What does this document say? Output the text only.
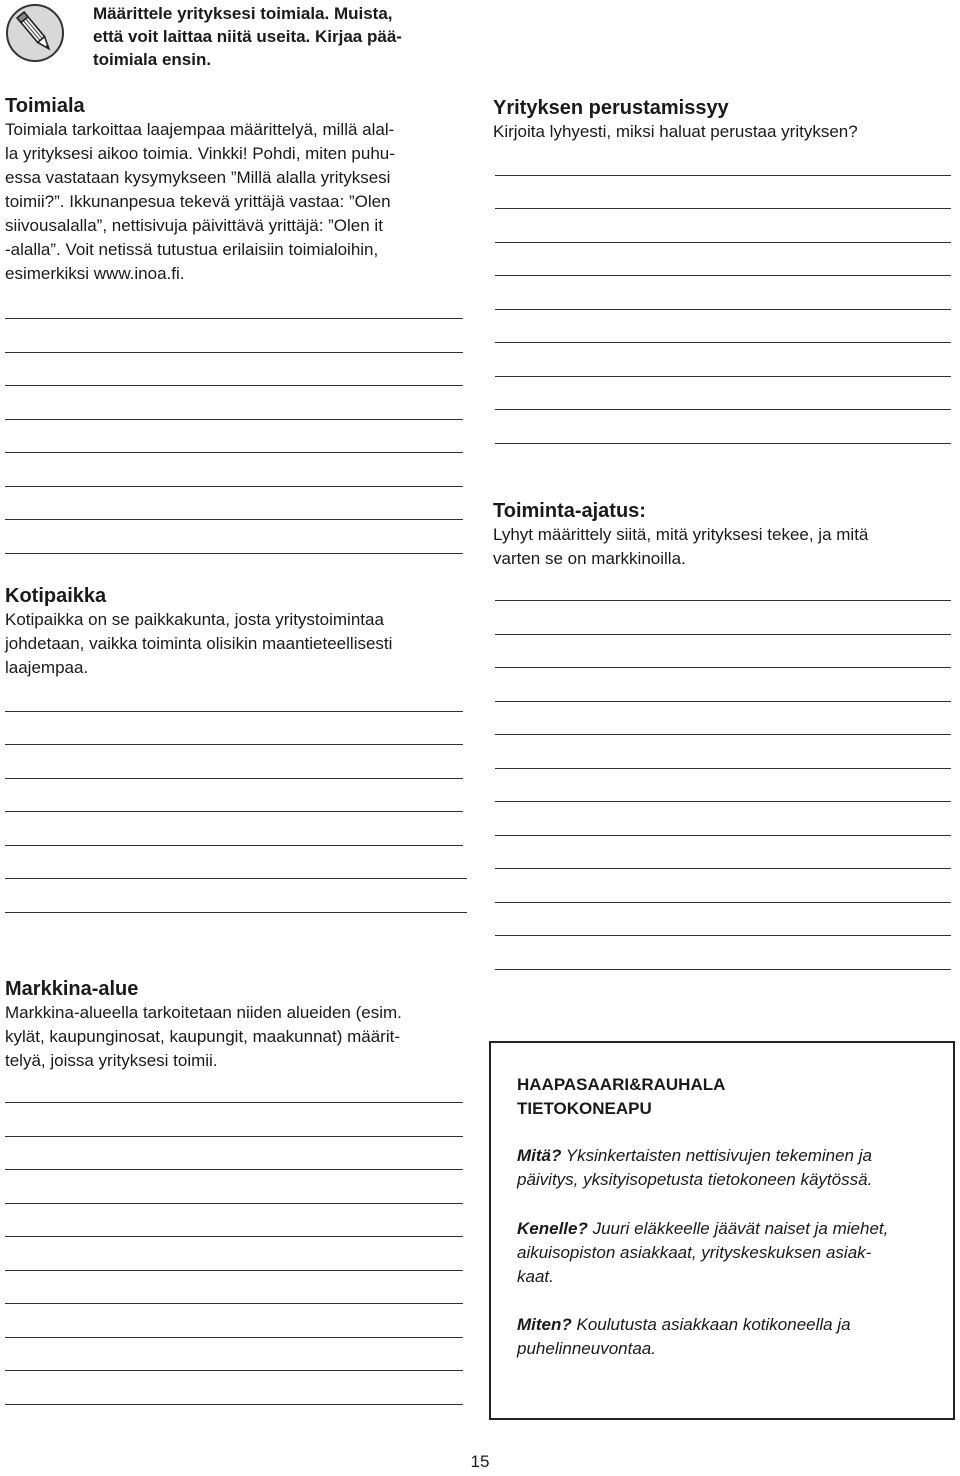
Määrittele yrityksesi toimiala. Muista,
että voit laittaa niitä useita. Kirjaa pää-
toimiala ensin.
Toimiala
Toimiala tarkoittaa laajempaa määrittelyä, millä alal-
la yrityksesi aikoo toimia. Vinkki! Pohdi, miten puhu-
essa vastataan kysymykseen ”Millä alalla yrityksesi
toimii?”. Ikkunanpesua tekevä yrittäjä vastaa: ”Olen
siivousalalla”, nettisivuja päivittävä yrittäjä: ”Olen it
-alalla”. Voit netissä tutustua erilaisiin toimialoihin,
esimerkiksi www.inoa.fi.
Kotipaikka
Kotipaikka on se paikkakunta, josta yritystoimintaa
johdetaan, vaikka toiminta olisikin maantieteellisesti
laajempaa.
Markkina-alue
Markkina-alueella tarkoitetaan niiden alueiden (esim.
kylät, kaupunginosat, kaupungit, maakunnat) määrit-
telyä, joissa yrityksesi toimii.
Yrityksen perustamissyy
Kirjoita lyhyesti, miksi haluat perustaa yrityksen?
Toiminta-ajatus:
Lyhyt määrittely siitä, mitä yrityksesi tekee, ja mitä
varten se on markkinoilla.
HAAPASAARI&RAUHALA
TIETOKONEAPU
Mitä? Yksinkertaisten nettisivujen tekeminen ja
päivitys, yksityisopetusta tietokoneen käytössä.
Kenelle? Juuri eläkkeelle jäävät naiset ja miehet,
aikuisopiston asiakkaat, yrityskeskuksen asiak-
kaat.
Miten? Koulutusta asiakkaan kotikoneella ja
puhelinneuvontaa.
15
